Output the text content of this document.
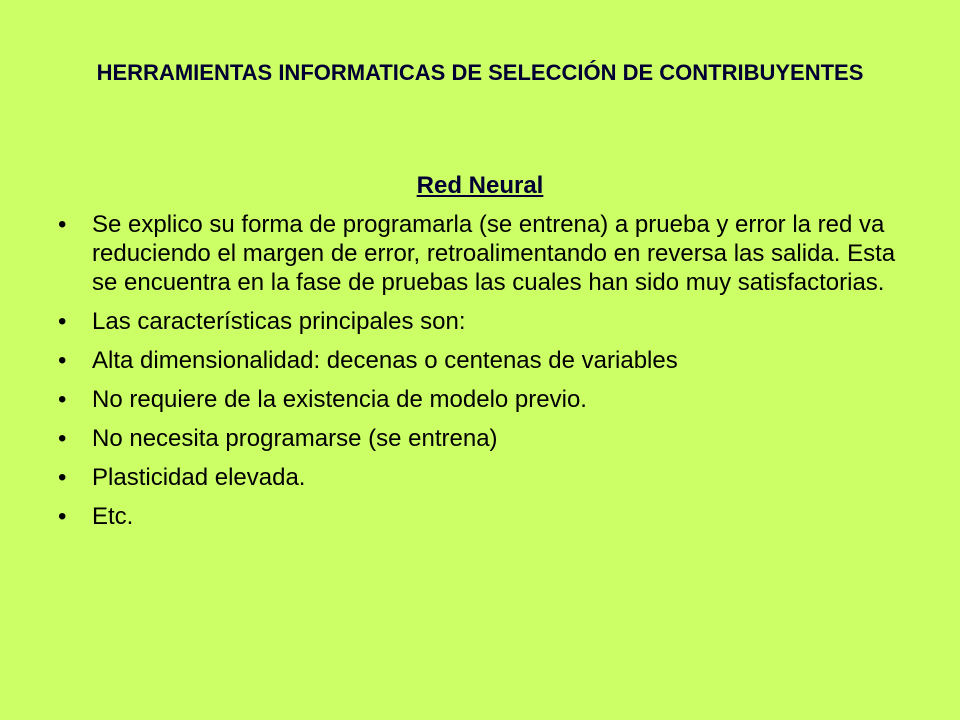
HERRAMIENTAS INFORMATICAS DE SELECCIÓN DE CONTRIBUYENTES
Red Neural
•	Se explico su forma de programarla (se entrena) a prueba y error la red va reduciendo el margen de error, retroalimentando en reversa las salida. Esta se encuentra en la fase de pruebas las cuales han sido muy satisfactorias.
•	Las características principales son:
•	Alta dimensionalidad: decenas o centenas de variables
•	No requiere de la existencia de modelo previo.
•	No necesita programarse (se entrena)
•	Plasticidad elevada.
•	Etc.
